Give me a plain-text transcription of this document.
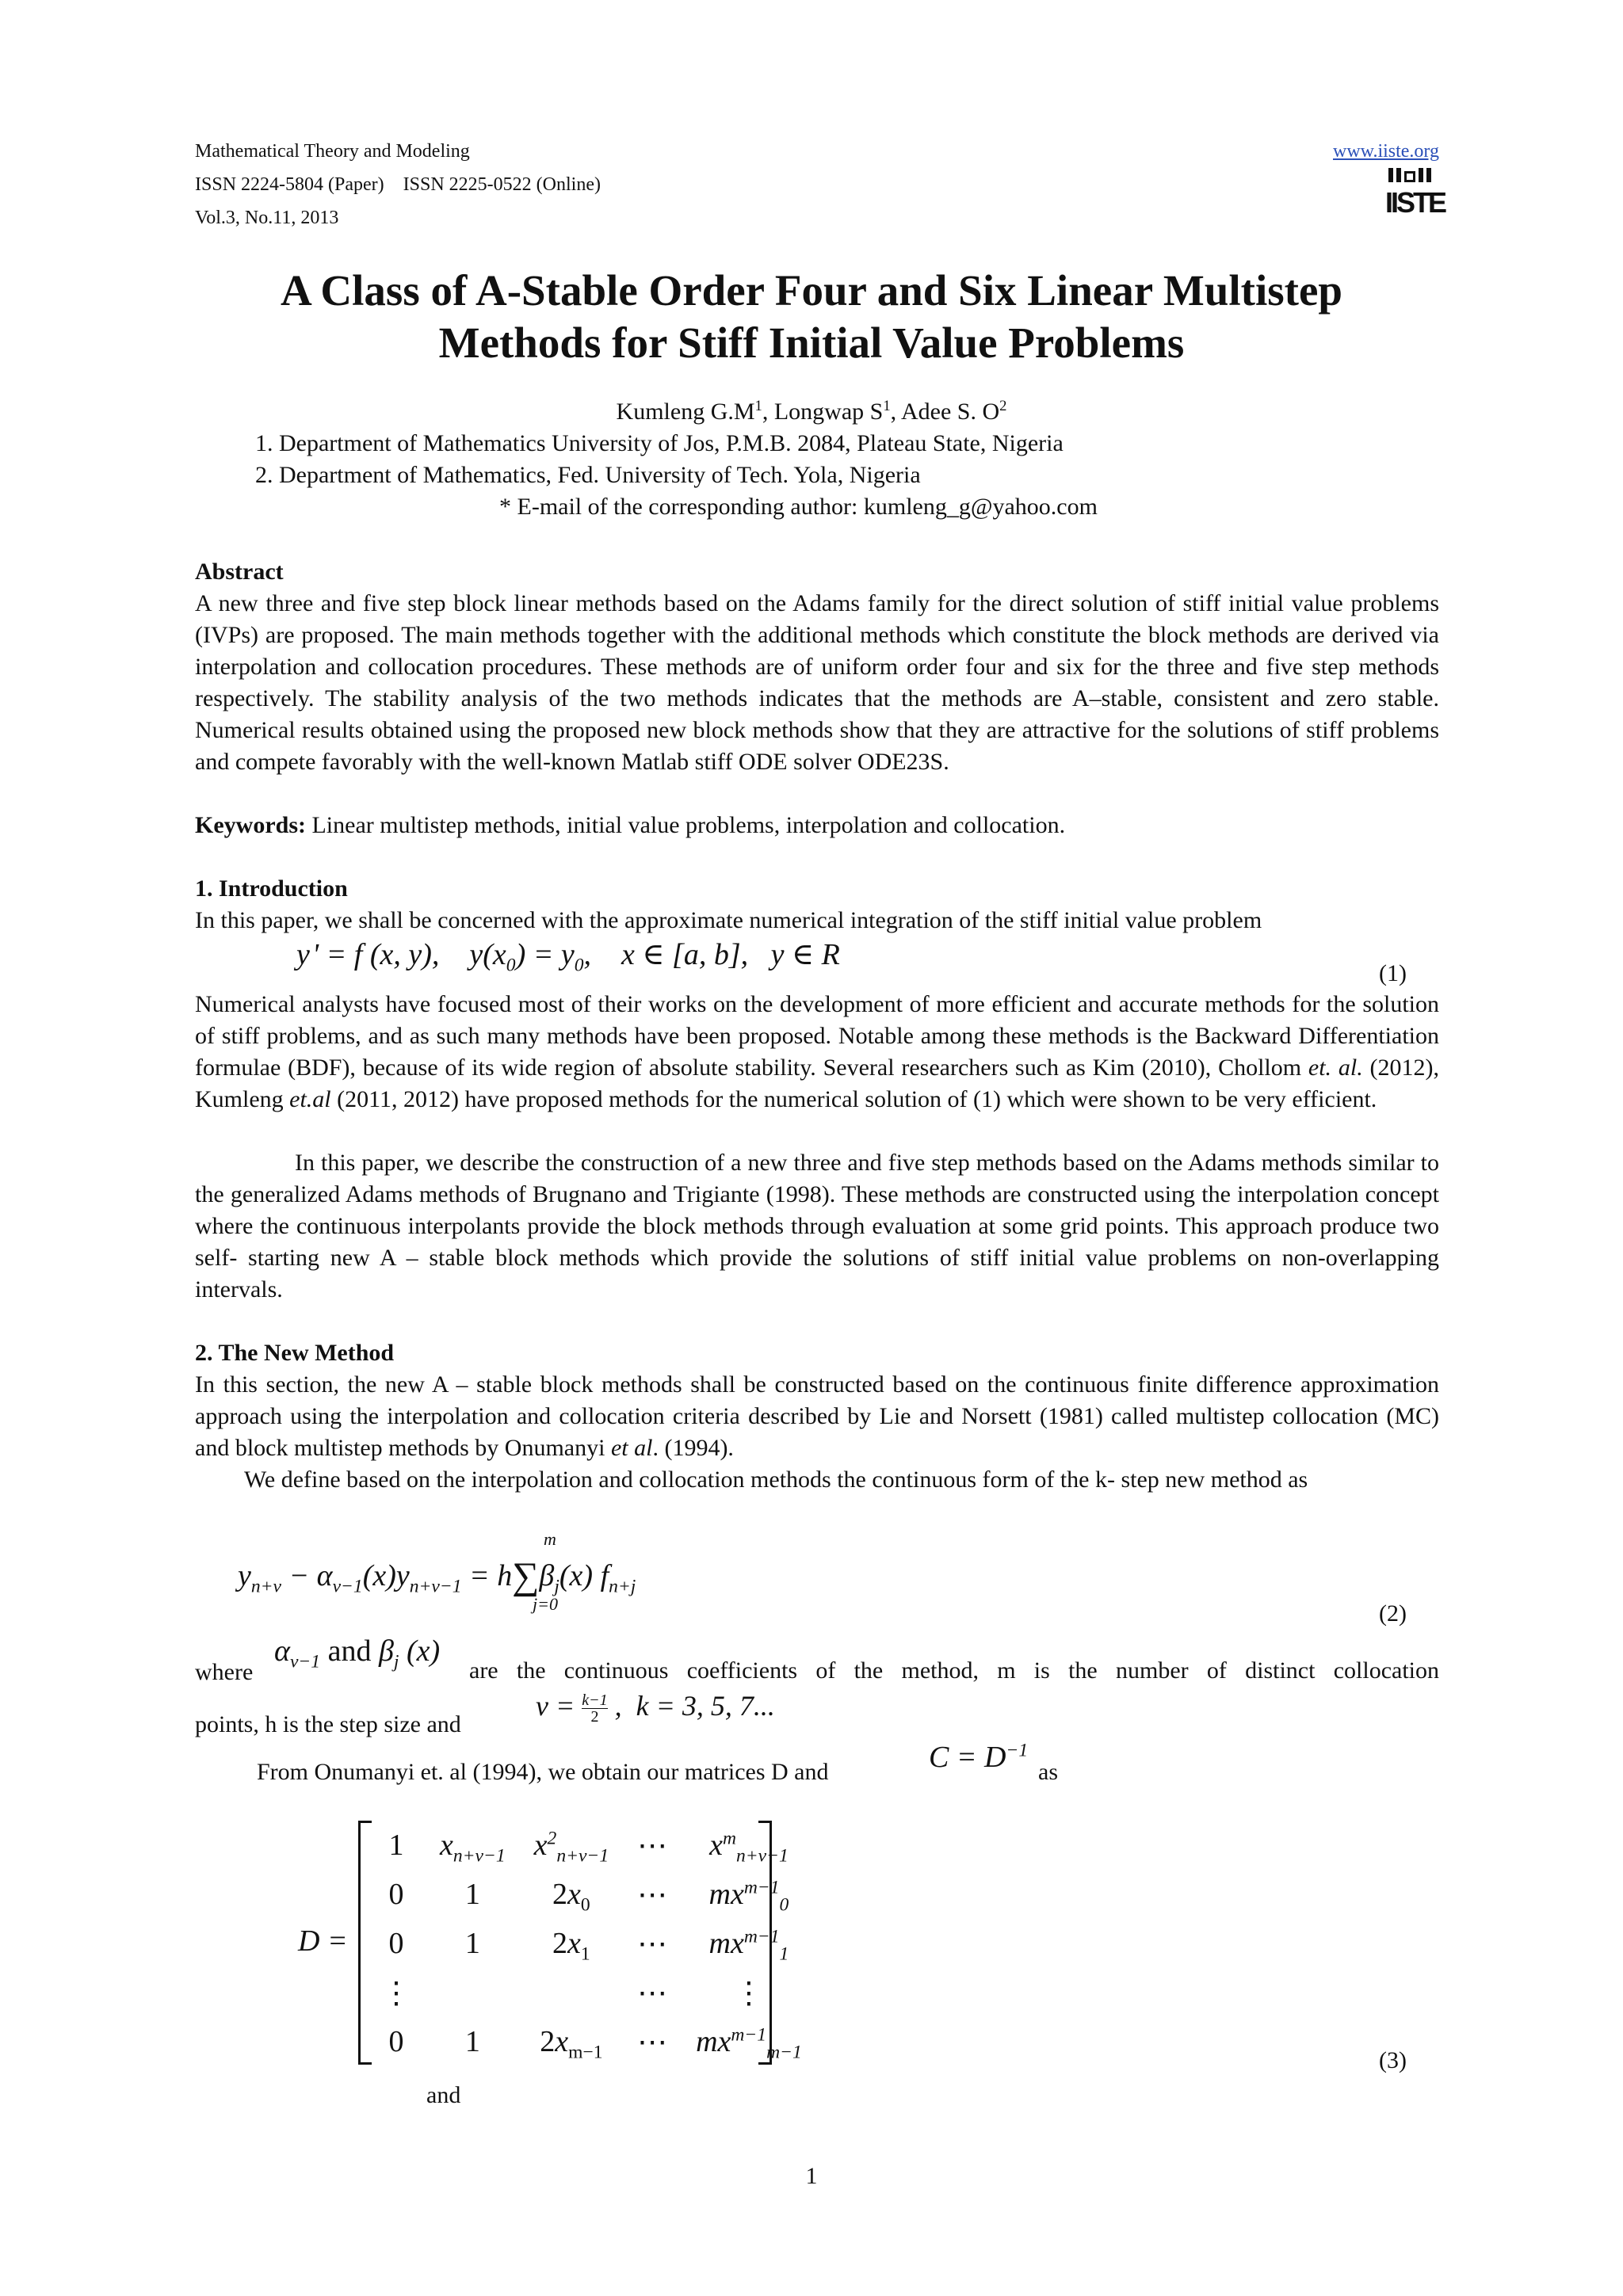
Mathematical Theory and Modeling
ISSN 2224-5804 (Paper)    ISSN 2225-0522 (Online)
Vol.3, No.11, 2013
www.iiste.org
IISTE
A Class of A-Stable Order Four and Six Linear Multistep
Methods for Stiff Initial Value Problems
Kumleng $G.M^1$, Longwap $S^1$, Adee S. $O^2$
1. Department of Mathematics University of Jos, P.M.B. 2084, Plateau State, Nigeria
2. Department of Mathematics, Fed. University of Tech. Yola, Nigeria
* E-mail of the corresponding author: kumleng_g@yahoo.com
Abstract
A new three and five step block linear methods based on the Adams family for the direct solution of stiff initial value problems (IVPs) are proposed. The main methods together with the additional methods which constitute the block methods are derived via interpolation and collocation procedures. These methods are of uniform order four and six for the three and five step methods respectively. The stability analysis of the two methods indicates that the methods are A–stable, consistent and zero stable. Numerical results obtained using the proposed new block methods show that they are attractive for the solutions of stiff problems and compete favorably with the well-known Matlab stiff ODE solver ODE23S.
Keywords: Linear multistep methods, initial value problems, interpolation and collocation.
1. Introduction
In this paper, we shall be concerned with the approximate numerical integration of the stiff initial value problem
y ' = f (x, y),    $y(x_0) = y_0$,    x ∈ [a, b],   y ∈ R
(1)
Numerical analysts have focused most of their works on the development of more efficient and accurate methods for the solution of stiff problems, and as such many methods have been proposed. Notable among these methods is the Backward Differentiation formulae (BDF), because of its wide region of absolute stability. Several researchers such as Kim (2010), Chollom et. al. (2012), Kumleng et.al (2011, 2012) have proposed methods for the numerical solution of (1) which were shown to be very efficient.
In this paper, we describe the construction of a new three and five step methods based on the Adams methods similar to the generalized Adams methods of Brugnano and Trigiante (1998). These methods are constructed using the interpolation concept where the continuous interpolants provide the block methods through evaluation at some grid points. This approach produce two self- starting new A – stable block methods which provide the solutions of stiff initial value problems on non-overlapping intervals.
2. The New Method
In this section, the new A – stable block methods shall be constructed based on the continuous finite difference approximation approach using the interpolation and collocation criteria described by Lie and Norsett (1981) called multistep collocation (MC) and block multistep methods by Onumanyi et al. (1994).
We define based on the interpolation and collocation methods the continuous form of the k- step new method as
$y_{n+v} - \alpha_{v-1}(x)y_{n+v-1} = h\sum\beta_j(x)$ $f_{n+j}$
m
j=0	(2)
where
$\alpha_{v-1}$ and $\beta_j$ (x)
are the continuous coefficients of the method, m is the number of distinct collocation
points, h is the step size and
$v = \frac{k-1}{2}$ ,  k = 3, 5, 7...
From Onumanyi et. al (1994), we obtain our matrices D and	$C = D^{-1}$
as
D =
1	$x_{n+v-1}$	$x^2_{n+v-1}$	⋯	$x^m_{n+v-1}$
0	1	$2x_0$	⋯	$mx^{m-1}_0$
0	1	$2x_1$	⋯	$mx^{m-1}_1$
⋮			⋯	⋮
0	1	$2x_{m-1}$	⋯	$mx^{m-1}_{m-1}$	(3)
and
1
